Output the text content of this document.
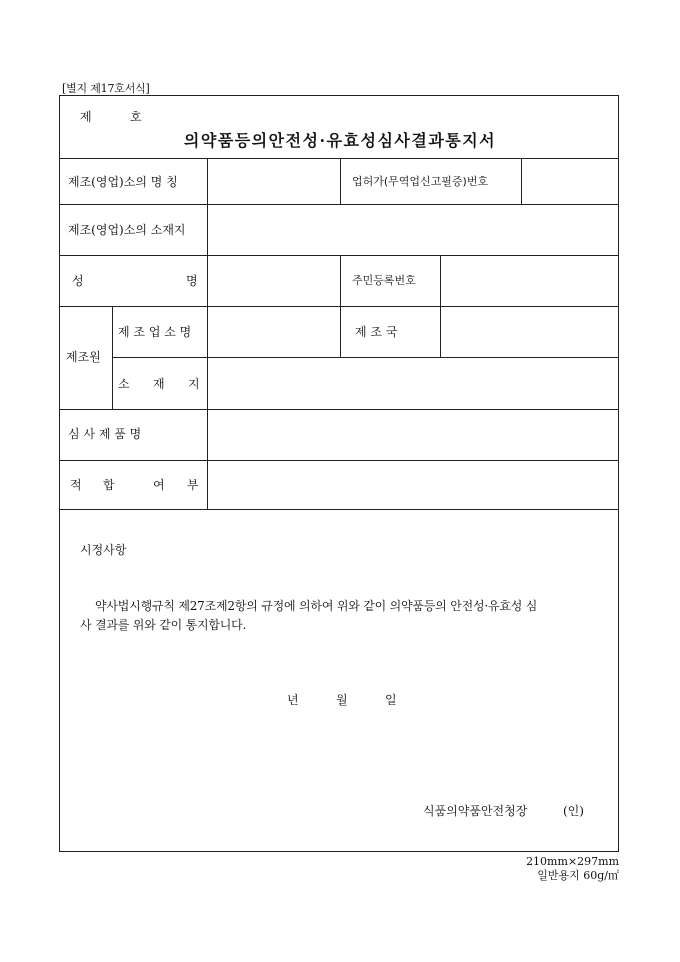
[별지 제17호서식]
제	호
의약품등의안전성·유효성심사결과통지서
제조(영업)소의 명 칭	업허가(무역업신고필증)번호
제조(영업)소의 소재지
성	명	주민등록번호
제조원
제 조 업 소 명	제 조 국
소 재 지
심 사 제 품 명
적 합	여 부
시정사항
약사법시행규칙 제27조제2항의 규정에 의하여 위와 같이 의약품등의 안전성·유효성 심
사 결과를 위와 같이 통지합니다.
년	월	일
식품의약품안전청장	(인)
210mm×297mm
일반용지 60g/㎡
